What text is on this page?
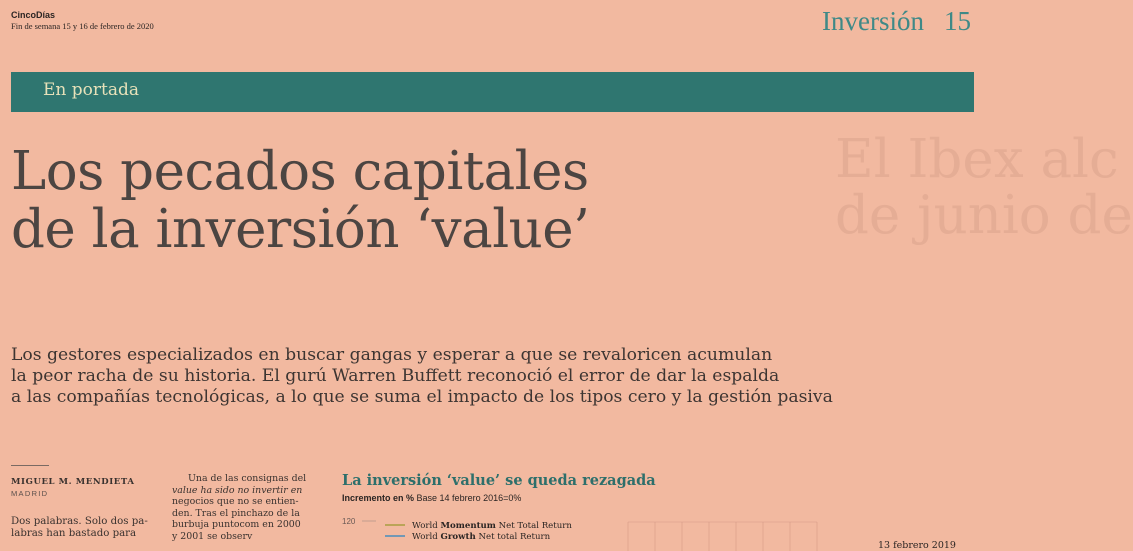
CincoDías
Fin de semana 15 y 16 de febrero de 2020	Inversión 15
El Ibex alc
de junio de
En portada
Los pecados capitales
de la inversión ‘value’

Los gestores especializados en buscar gangas y esperar a que se revaloricen acumulan
la peor racha de su historia. El gurú Warren Buffett reconoció el error de dar la espalda
a las compañías tecnológicas, a lo que se suma el impacto de los tipos cero y la gestión pasiva

MIGUEL M. MENDIETA
MADRID
Dos palabras. Solo dos pa-
labras han bastado para
Una de las consignas del
value ha sido no invertir en
negocios que no se entien-
den. Tras el pinchazo de la
burbuja puntocom en 2000
y 2001 se observ
La inversión ‘value’ se queda rezagada
Incremento en % Base 14 febrero 2016=0%
120	World Momentum Net Total Return
World Growth Net total Return
13 febrero 2019
